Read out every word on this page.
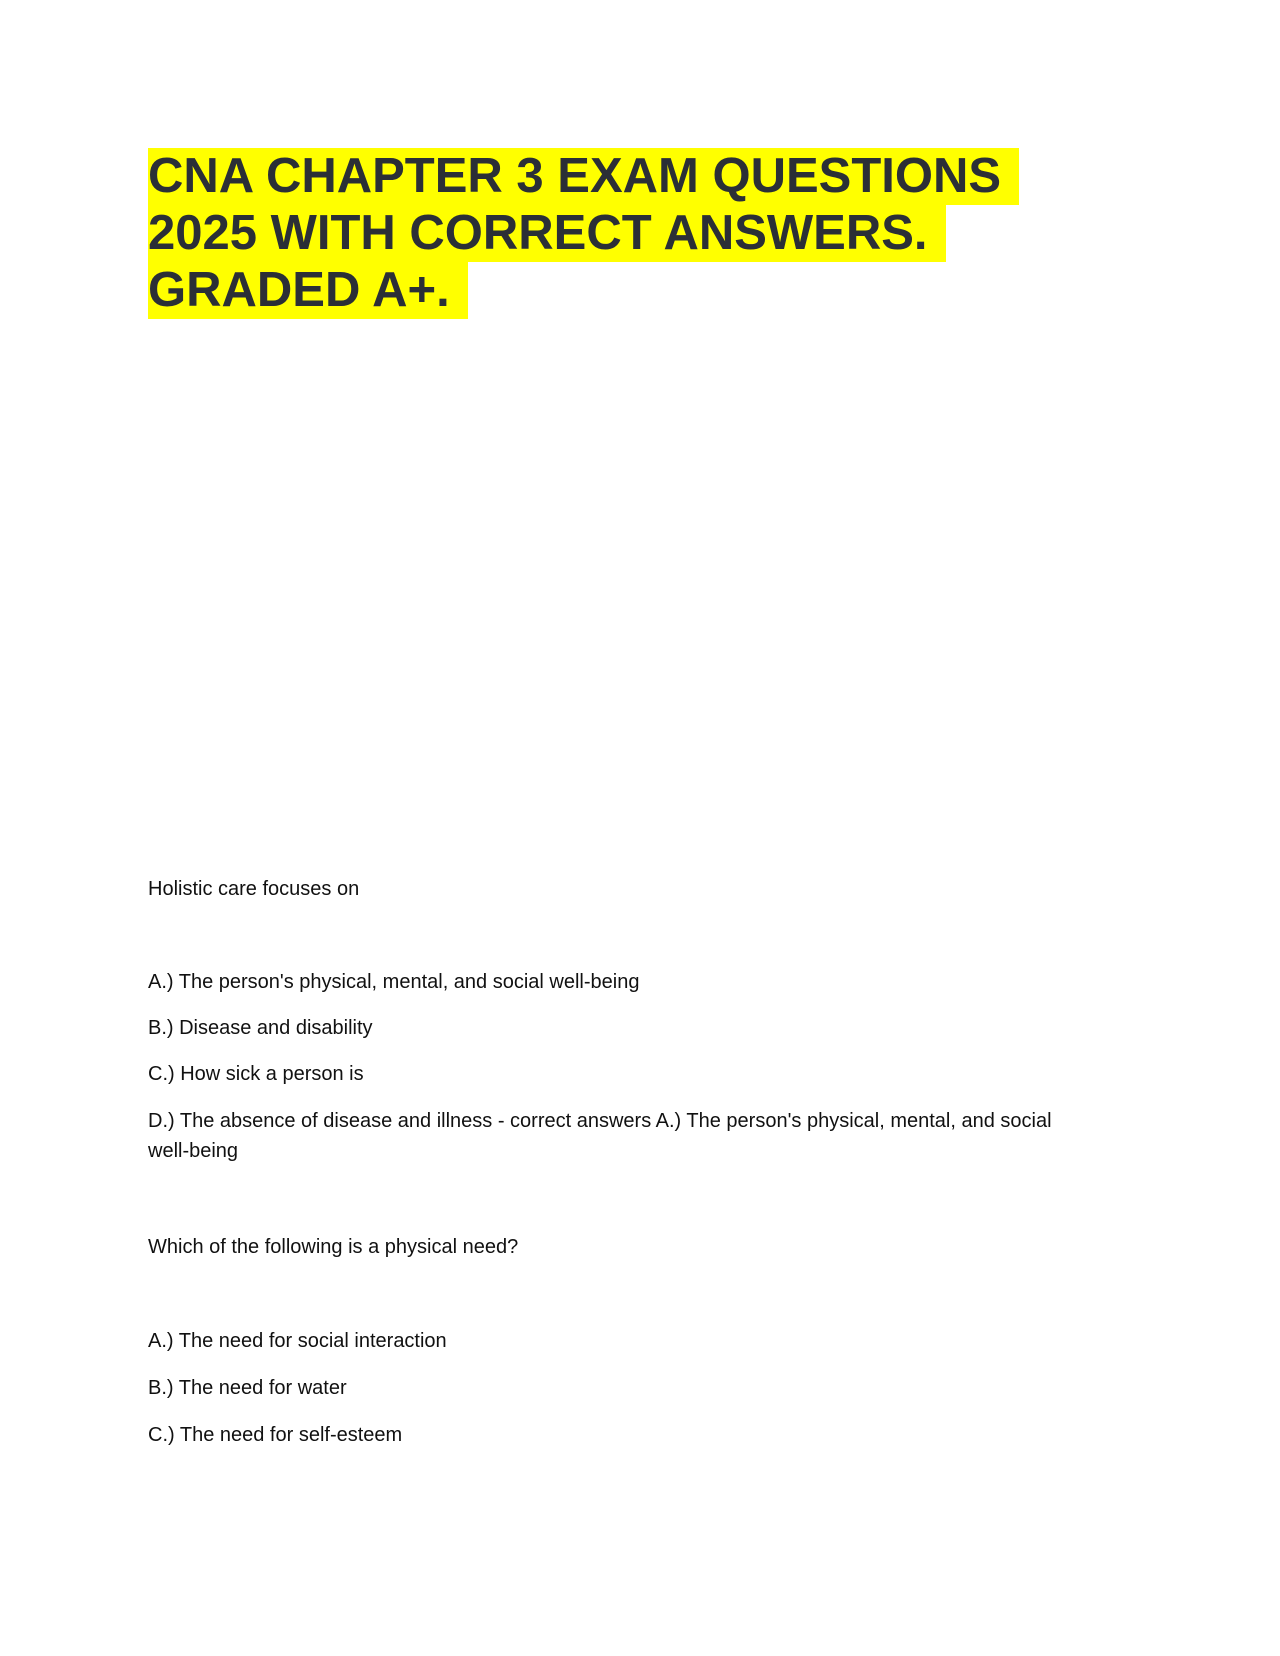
CNA CHAPTER 3 EXAM QUESTIONS
2025 WITH CORRECT ANSWERS.
GRADED A+.

Holistic care focuses on

A.) The person's physical, mental, and social well-being

B.) Disease and disability

C.) How sick a person is

D.) The absence of disease and illness - correct answers A.) The person's physical, mental, and social well-being

Which of the following is a physical need?

A.) The need for social interaction

B.) The need for water

C.) The need for self-esteem
